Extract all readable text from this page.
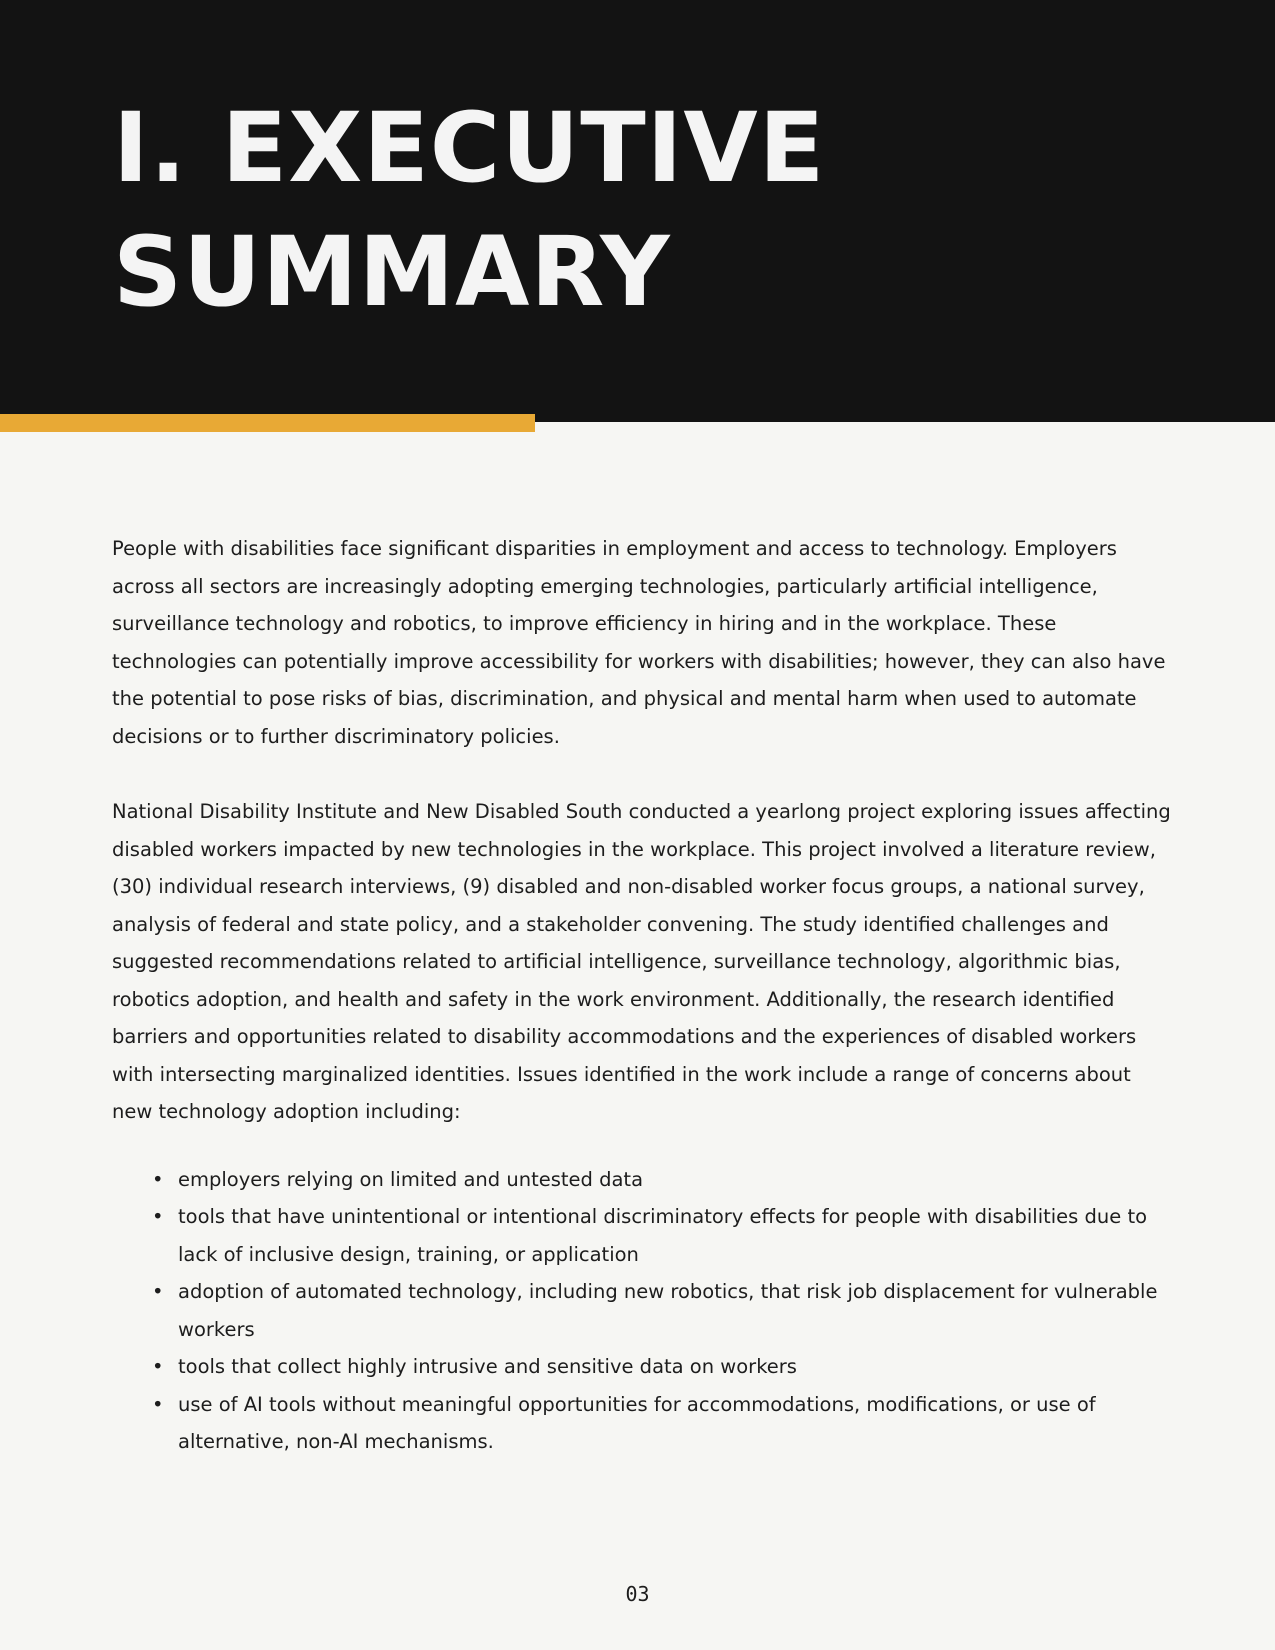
I. EXECUTIVE
SUMMARY

People with disabilities face significant disparities in employment and access to technology. Employers across all sectors are increasingly adopting emerging technologies, particularly artificial intelligence, surveillance technology and robotics, to improve efficiency in hiring and in the workplace. These technologies can potentially improve accessibility for workers with disabilities; however, they can also have the potential to pose risks of bias, discrimination, and physical and mental harm when used to automate decisions or to further discriminatory policies.

National Disability Institute and New Disabled South conducted a yearlong project exploring issues affecting disabled workers impacted by new technologies in the workplace. This project involved a literature review, (30) individual research interviews, (9) disabled and non-disabled worker focus groups, a national survey, analysis of federal and state policy, and a stakeholder convening. The study identified challenges and suggested recommendations related to artificial intelligence, surveillance technology, algorithmic bias, robotics adoption, and health and safety in the work environment. Additionally, the research identified barriers and opportunities related to disability accommodations and the experiences of disabled workers with intersecting marginalized identities. Issues identified in the work include a range of concerns about new technology adoption including:

• employers relying on limited and untested data
• tools that have unintentional or intentional discriminatory effects for people with disabilities due to lack of inclusive design, training, or application
• adoption of automated technology, including new robotics, that risk job displacement for vulnerable workers
• tools that collect highly intrusive and sensitive data on workers
• use of AI tools without meaningful opportunities for accommodations, modifications, or use of alternative, non-AI mechanisms.
03
